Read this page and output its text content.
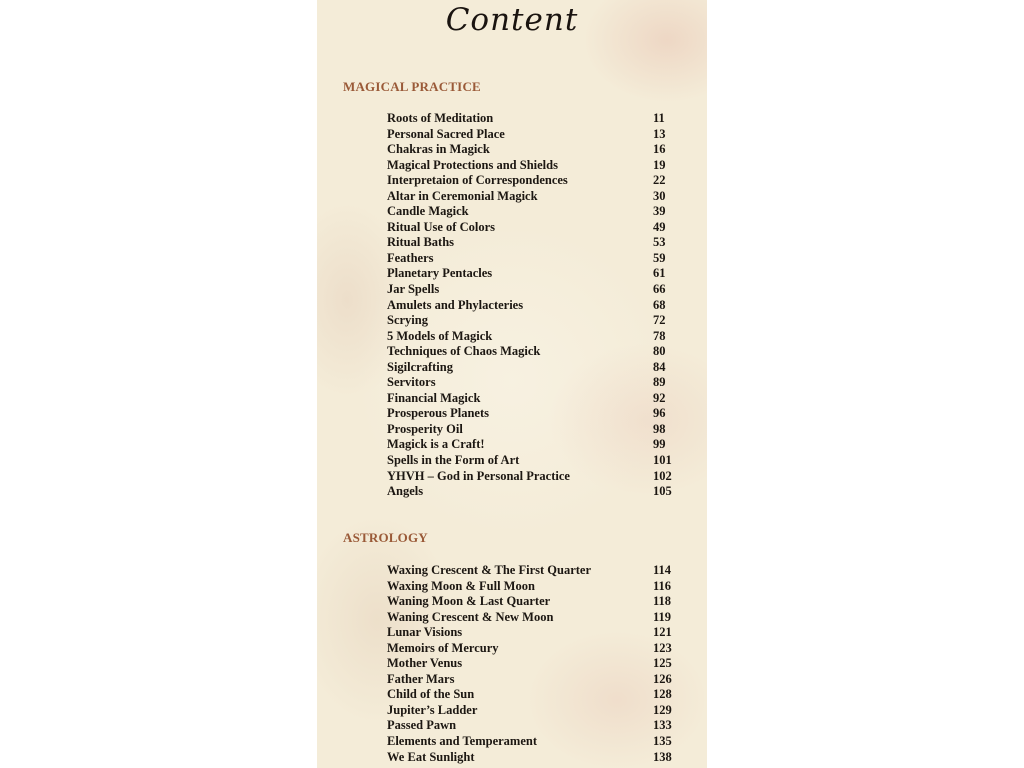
Content
MAGICAL PRACTICE
Roots of Meditation	11
Personal Sacred Place	13
Chakras in Magick	16
Magical Protections and Shields	19
Interpretaion of Correspondences	22
Altar in Ceremonial Magick	30
Candle Magick	39
Ritual Use of Colors	49
Ritual Baths	53
Feathers	59
Planetary Pentacles	61
Jar Spells	66
Amulets and Phylacteries	68
Scrying	72
5 Models of Magick	78
Techniques of Chaos Magick	80
Sigilcrafting	84
Servitors	89
Financial Magick	92
Prosperous Planets	96
Prosperity Oil	98
Magick is a Craft!	99
Spells in the Form of Art	101
YHVH – God in Personal Practice	102
Angels	105
ASTROLOGY
Waxing Crescent & The First Quarter	114
Waxing Moon & Full Moon	116
Waning Moon & Last Quarter	118
Waning Crescent & New Moon	119
Lunar Visions	121
Memoirs of Mercury	123
Mother Venus	125
Father Mars	126
Child of the Sun	128
Jupiter’s Ladder	129
Passed Pawn	133
Elements and Temperament	135
We Eat Sunlight	138
